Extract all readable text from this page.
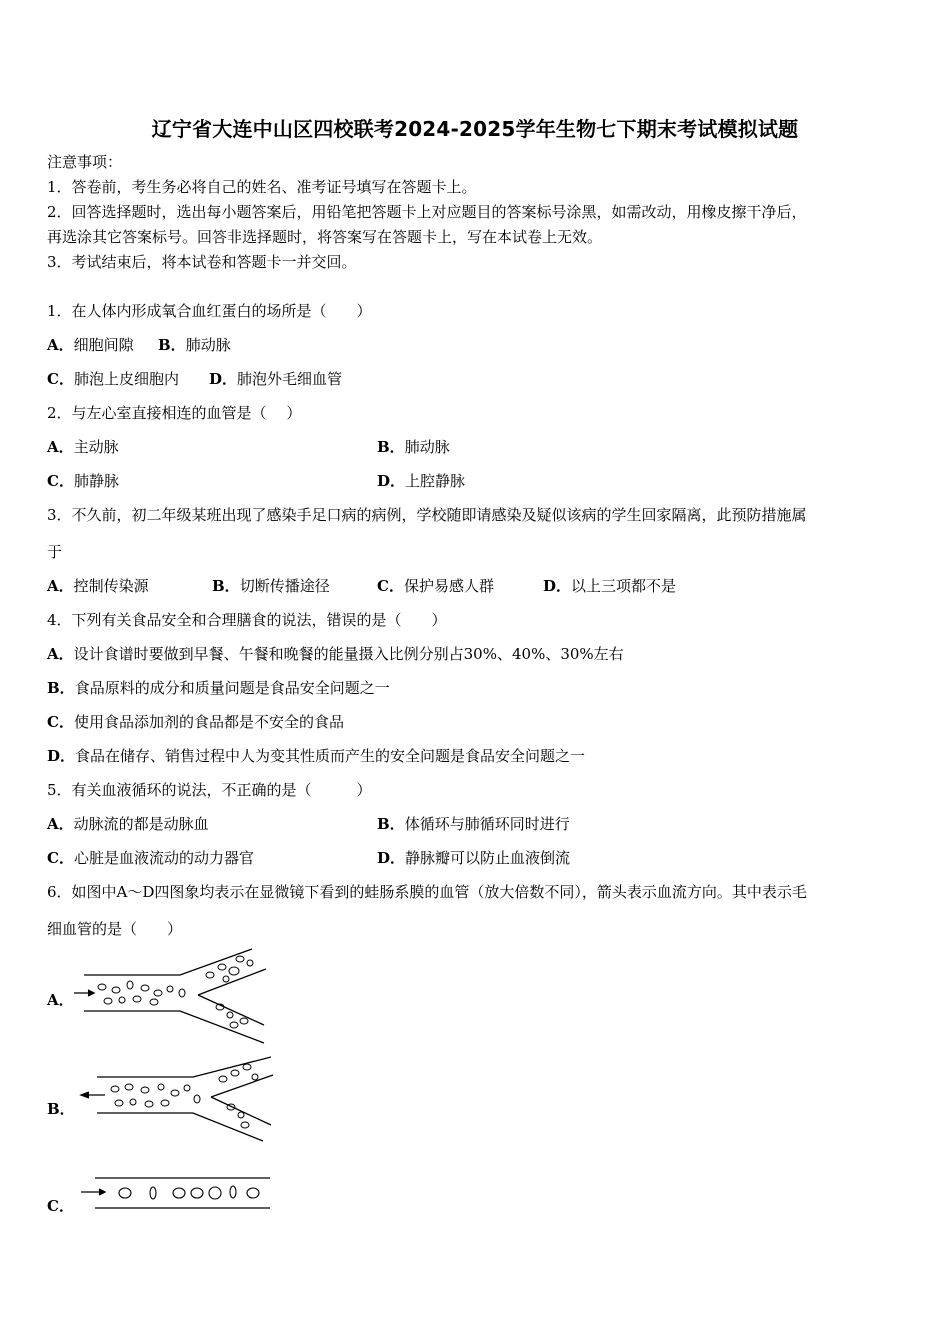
辽宁省大连中山区四校联考2024-2025学年生物七下期末考试模拟试题
注意事项：
1．答卷前，考生务必将自己的姓名、准考证号填写在答题卡上。
2．回答选择题时，选出每小题答案后，用铅笔把答题卡上对应题目的答案标号涂黑，如需改动，用橡皮擦干净后，
再选涂其它答案标号。回答非选择题时，将答案写在答题卡上，写在本试卷上无效。
3．考试结束后，将本试卷和答题卡一并交回。
1．在人体内形成氧合血红蛋白的场所是（　　）
A．细胞间隙 B．肺动脉
C．肺泡上皮细胞内 D．肺泡外毛细血管
2．与左心室直接相连的血管是（　 ）
A．主动脉	B．肺动脉
C．肺静脉	D．上腔静脉
3．不久前，初二年级某班出现了感染手足口病的病例，学校随即请感染及疑似该病的学生回家隔离，此预防措施属
于
A．控制传染源	B．切断传播途径	C．保护易感人群	D．以上三项都不是
4．下列有关食品安全和合理膳食的说法，错误的是（　　）
A．设计食谱时要做到早餐、午餐和晚餐的能量摄入比例分别占30%、40%、30%左右
B．食品原料的成分和质量问题是食品安全问题之一
C．使用食品添加剂的食品都是不安全的食品
D．食品在储存、销售过程中人为变其性质而产生的安全问题是食品安全问题之一
5．有关血液循环的说法，不正确的是（　　　）
A．动脉流的都是动脉血	B．体循环与肺循环同时进行
C．心脏是血液流动的动力器官	D．静脉瓣可以防止血液倒流
6．如图中A～D四图象均表示在显微镜下看到的蛙肠系膜的血管（放大倍数不同），箭头表示血流方向。其中表示毛
细血管的是（　　）
A．
B．
C．
